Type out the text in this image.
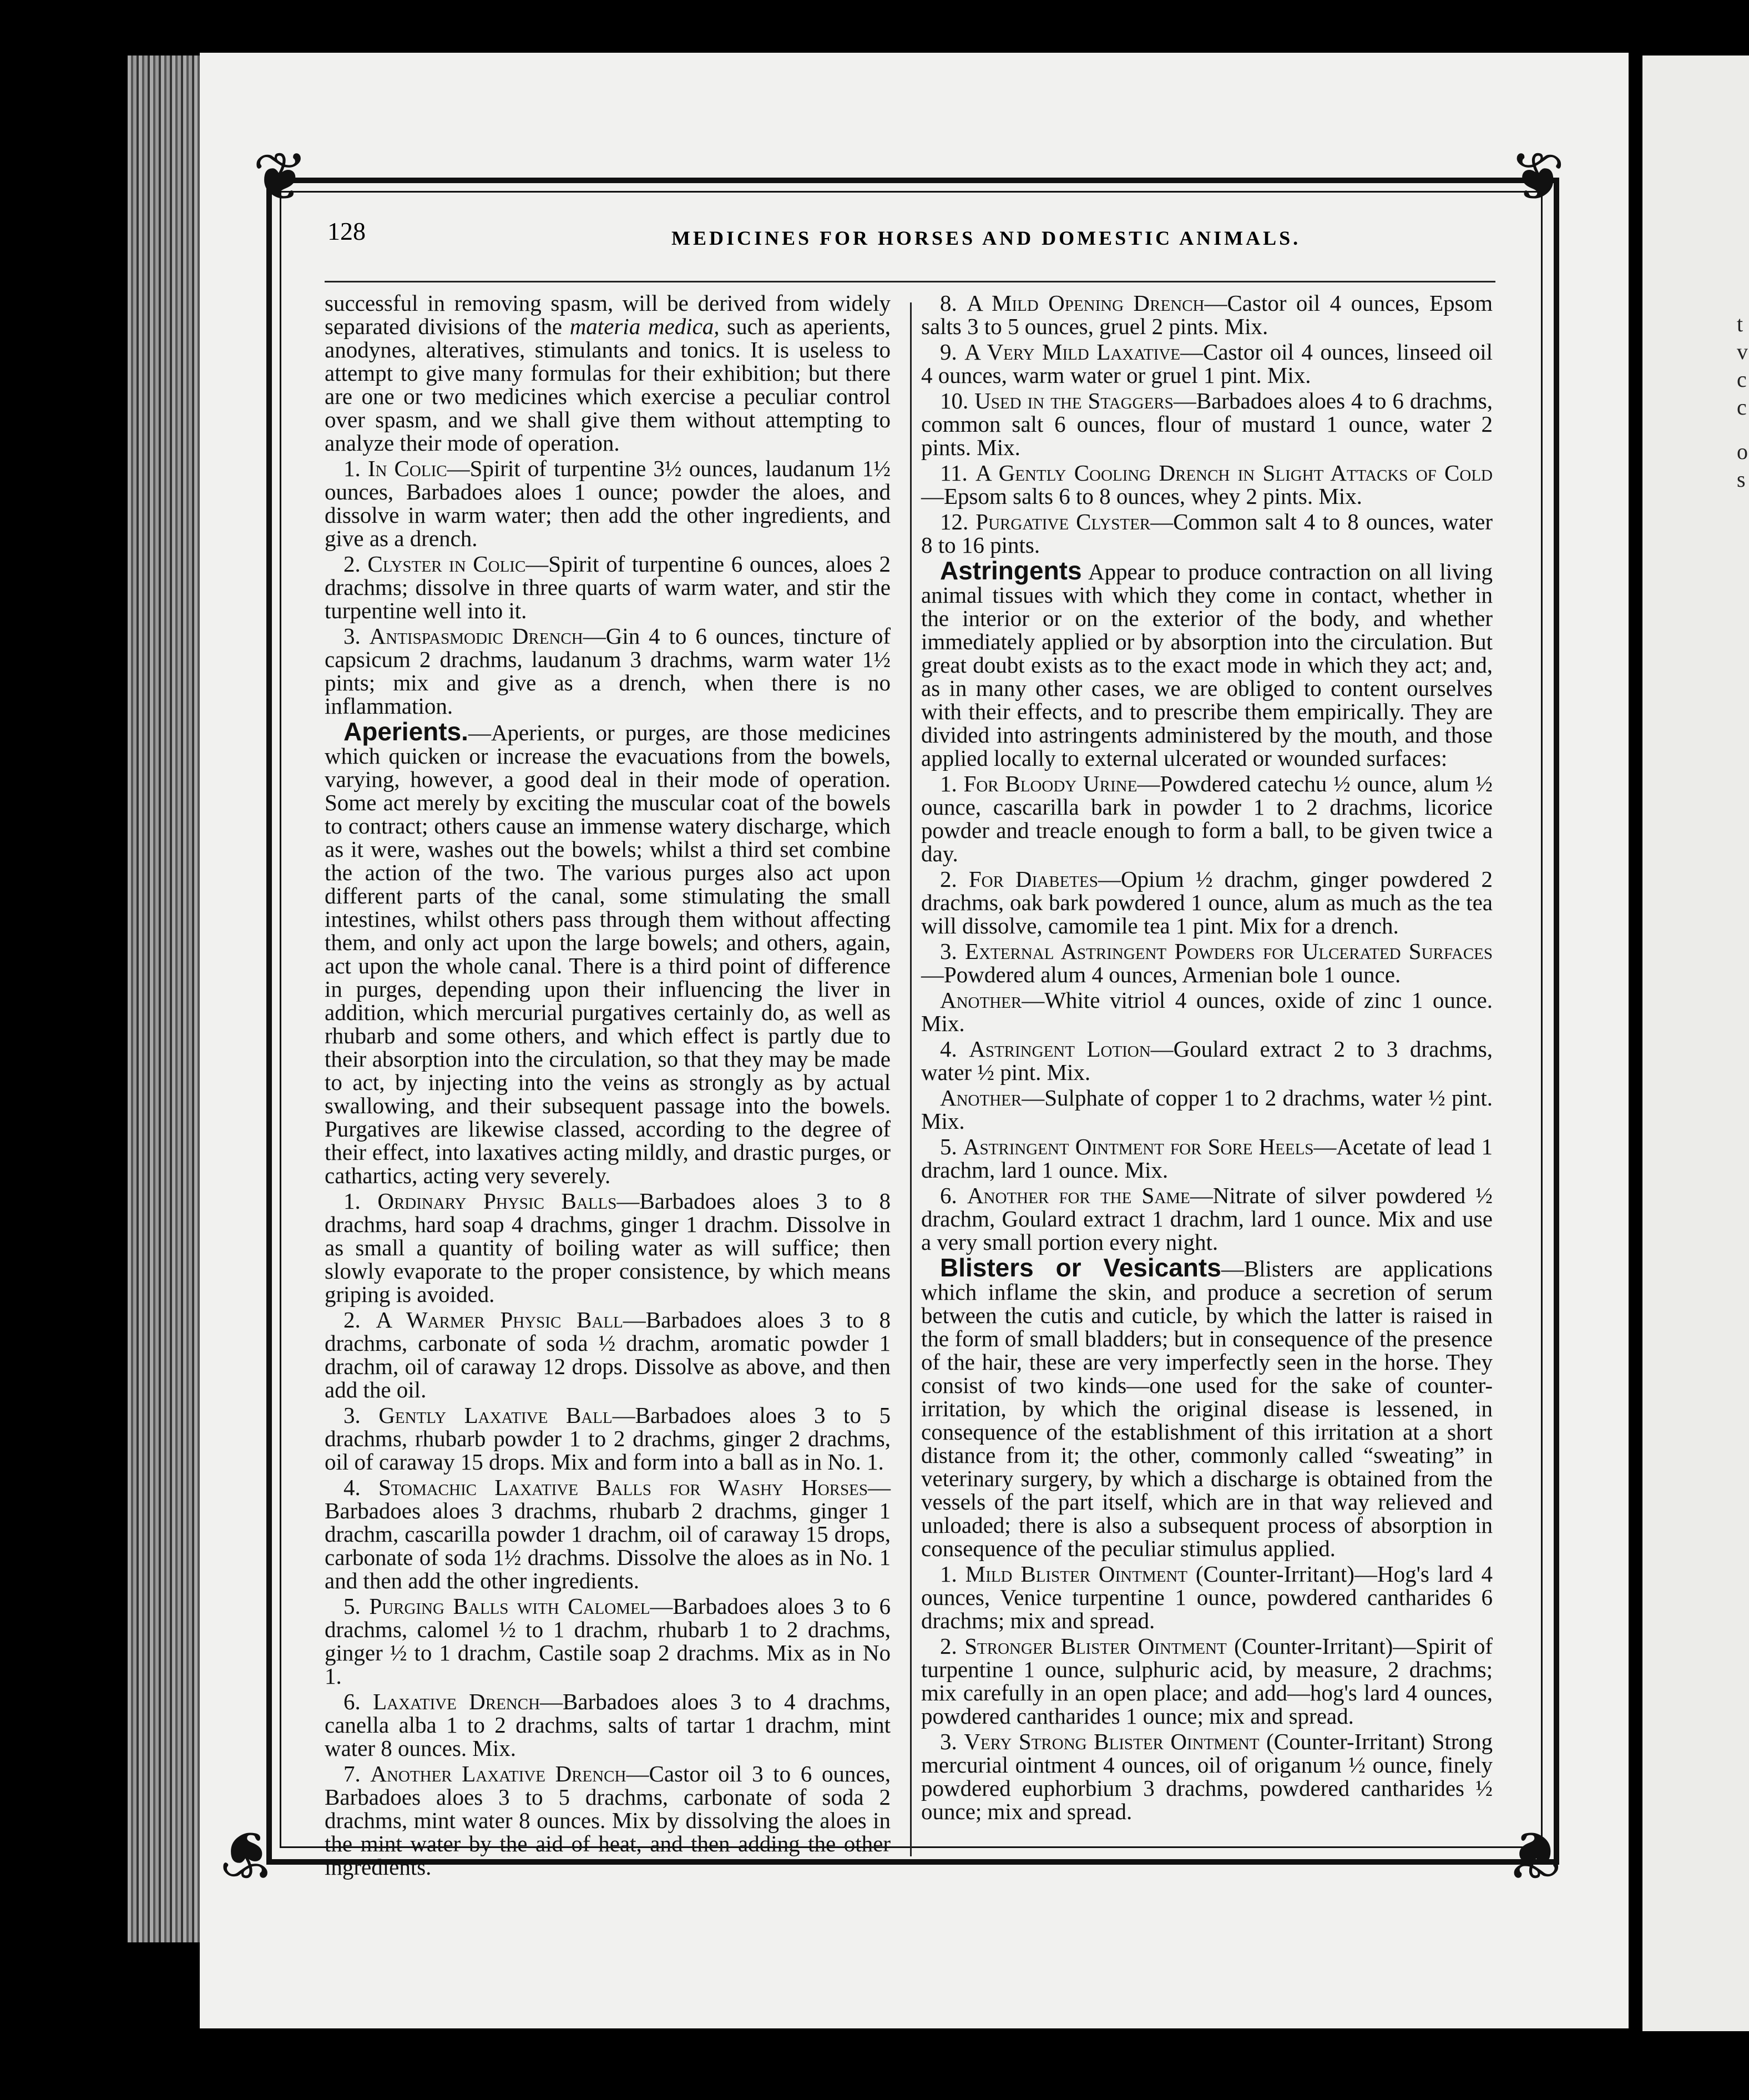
t
v
c
c
o
s
❦	❦
❦	❦
128	MEDICINES FOR HORSES AND DOMESTIC ANIMALS.

successful in removing spasm, will be derived from widely separated divisions of the materia medica, such as aperients, anodynes, alteratives, stimulants and tonics. It is useless to attempt to give many formulas for their exhibition; but there are one or two medicines which exercise a peculiar control over spasm, and we shall give them without attempting to analyze their mode of operation.

1. In Colic—Spirit of turpentine 3½ ounces, laudanum 1½ ounces, Barbadoes aloes 1 ounce; powder the aloes, and dissolve in warm water; then add the other ingredients, and give as a drench.

2. Clyster in Colic—Spirit of turpentine 6 ounces, aloes 2 drachms; dissolve in three quarts of warm water, and stir the turpentine well into it.

3. Antispasmodic Drench—Gin 4 to 6 ounces, tincture of capsicum 2 drachms, laudanum 3 drachms, warm water 1½ pints; mix and give as a drench, when there is no inflammation.

Aperients.—Aperients, or purges, are those medicines which quicken or increase the evacuations from the bowels, varying, however, a good deal in their mode of operation. Some act merely by exciting the muscular coat of the bowels to contract; others cause an immense watery discharge, which as it were, washes out the bowels; whilst a third set combine the action of the two. The various purges also act upon different parts of the canal, some stimulating the small intestines, whilst others pass through them without affecting them, and only act upon the large bowels; and others, again, act upon the whole canal. There is a third point of difference in purges, depending upon their influencing the liver in addition, which mercurial purgatives certainly do, as well as rhubarb and some others, and which effect is partly due to their absorption into the circulation, so that they may be made to act, by injecting into the veins as strongly as by actual swallowing, and their subsequent passage into the bowels. Purgatives are likewise classed, according to the degree of their effect, into laxatives acting mildly, and drastic purges, or cathartics, acting very severely.

1. Ordinary Physic Balls—Barbadoes aloes 3 to 8 drachms, hard soap 4 drachms, ginger 1 drachm. Dissolve in as small a quantity of boiling water as will suffice; then slowly evaporate to the proper consistence, by which means griping is avoided.

2. A Warmer Physic Ball—Barbadoes aloes 3 to 8 drachms, carbonate of soda ½ drachm, aromatic powder 1 drachm, oil of caraway 12 drops. Dissolve as above, and then add the oil.

3. Gently Laxative Ball—Barbadoes aloes 3 to 5 drachms, rhubarb powder 1 to 2 drachms, ginger 2 drachms, oil of caraway 15 drops. Mix and form into a ball as in No. 1.

4. Stomachic Laxative Balls for Washy Horses—Barbadoes aloes 3 drachms, rhubarb 2 drachms, ginger 1 drachm, cascarilla powder 1 drachm, oil of caraway 15 drops, carbonate of soda 1½ drachms. Dissolve the aloes as in No. 1 and then add the other ingredients.

5. Purging Balls with Calomel—Barbadoes aloes 3 to 6 drachms, calomel ½ to 1 drachm, rhubarb 1 to 2 drachms, ginger ½ to 1 drachm, Castile soap 2 drachms. Mix as in No 1.

6. Laxative Drench—Barbadoes aloes 3 to 4 drachms, canella alba 1 to 2 drachms, salts of tartar 1 drachm, mint water 8 ounces. Mix.

7. Another Laxative Drench—Castor oil 3 to 6 ounces, Barbadoes aloes 3 to 5 drachms, carbonate of soda 2 drachms, mint water 8 ounces. Mix by dissolving the aloes in the mint water by the aid of heat, and then adding the other ingredients.

8. A Mild Opening Drench—Castor oil 4 ounces, Epsom salts 3 to 5 ounces, gruel 2 pints. Mix.

9. A Very Mild Laxative—Castor oil 4 ounces, linseed oil 4 ounces, warm water or gruel 1 pint. Mix.

10. Used in the Staggers—Barbadoes aloes 4 to 6 drachms, common salt 6 ounces, flour of mustard 1 ounce, water 2 pints. Mix.

11. A Gently Cooling Drench in Slight Attacks of Cold—Epsom salts 6 to 8 ounces, whey 2 pints. Mix.

12. Purgative Clyster—Common salt 4 to 8 ounces, water 8 to 16 pints.

Astringents Appear to produce contraction on all living animal tissues with which they come in contact, whether in the interior or on the exterior of the body, and whether immediately applied or by absorption into the circulation. But great doubt exists as to the exact mode in which they act; and, as in many other cases, we are obliged to content ourselves with their effects, and to prescribe them empirically. They are divided into astringents administered by the mouth, and those applied locally to external ulcerated or wounded surfaces:

1. For Bloody Urine—Powdered catechu ½ ounce, alum ½ ounce, cascarilla bark in powder 1 to 2 drachms, licorice powder and treacle enough to form a ball, to be given twice a day.

2. For Diabetes—Opium ½ drachm, ginger powdered 2 drachms, oak bark powdered 1 ounce, alum as much as the tea will dissolve, camomile tea 1 pint. Mix for a drench.

3. External Astringent Powders for Ulcerated Surfaces—Powdered alum 4 ounces, Armenian bole 1 ounce.

Another—White vitriol 4 ounces, oxide of zinc 1 ounce. Mix.

4. Astringent Lotion—Goulard extract 2 to 3 drachms, water ½ pint. Mix.

Another—Sulphate of copper 1 to 2 drachms, water ½ pint. Mix.

5. Astringent Ointment for Sore Heels—Acetate of lead 1 drachm, lard 1 ounce. Mix.

6. Another for the Same—Nitrate of silver powdered ½ drachm, Goulard extract 1 drachm, lard 1 ounce. Mix and use a very small portion every night.

Blisters or Vesicants—Blisters are applications which inflame the skin, and produce a secretion of serum between the cutis and cuticle, by which the latter is raised in the form of small bladders; but in consequence of the presence of the hair, these are very imperfectly seen in the horse. They consist of two kinds—one used for the sake of counter-irritation, by which the original disease is lessened, in consequence of the establishment of this irritation at a short distance from it; the other, commonly called “sweating” in veterinary surgery, by which a discharge is obtained from the vessels of the part itself, which are in that way relieved and unloaded; there is also a subsequent process of absorption in consequence of the peculiar stimulus applied.

1. Mild Blister Ointment (Counter-Irritant)—Hog's lard 4 ounces, Venice turpentine 1 ounce, powdered cantharides 6 drachms; mix and spread.

2. Stronger Blister Ointment (Counter-Irritant)—Spirit of turpentine 1 ounce, sulphuric acid, by measure, 2 drachms; mix carefully in an open place; and add—hog's lard 4 ounces, powdered cantharides 1 ounce; mix and spread.

3. Very Strong Blister Ointment (Counter-Irritant) Strong mercurial ointment 4 ounces, oil of origanum ½ ounce, finely powdered euphorbium 3 drachms, powdered cantharides ½ ounce; mix and spread.
